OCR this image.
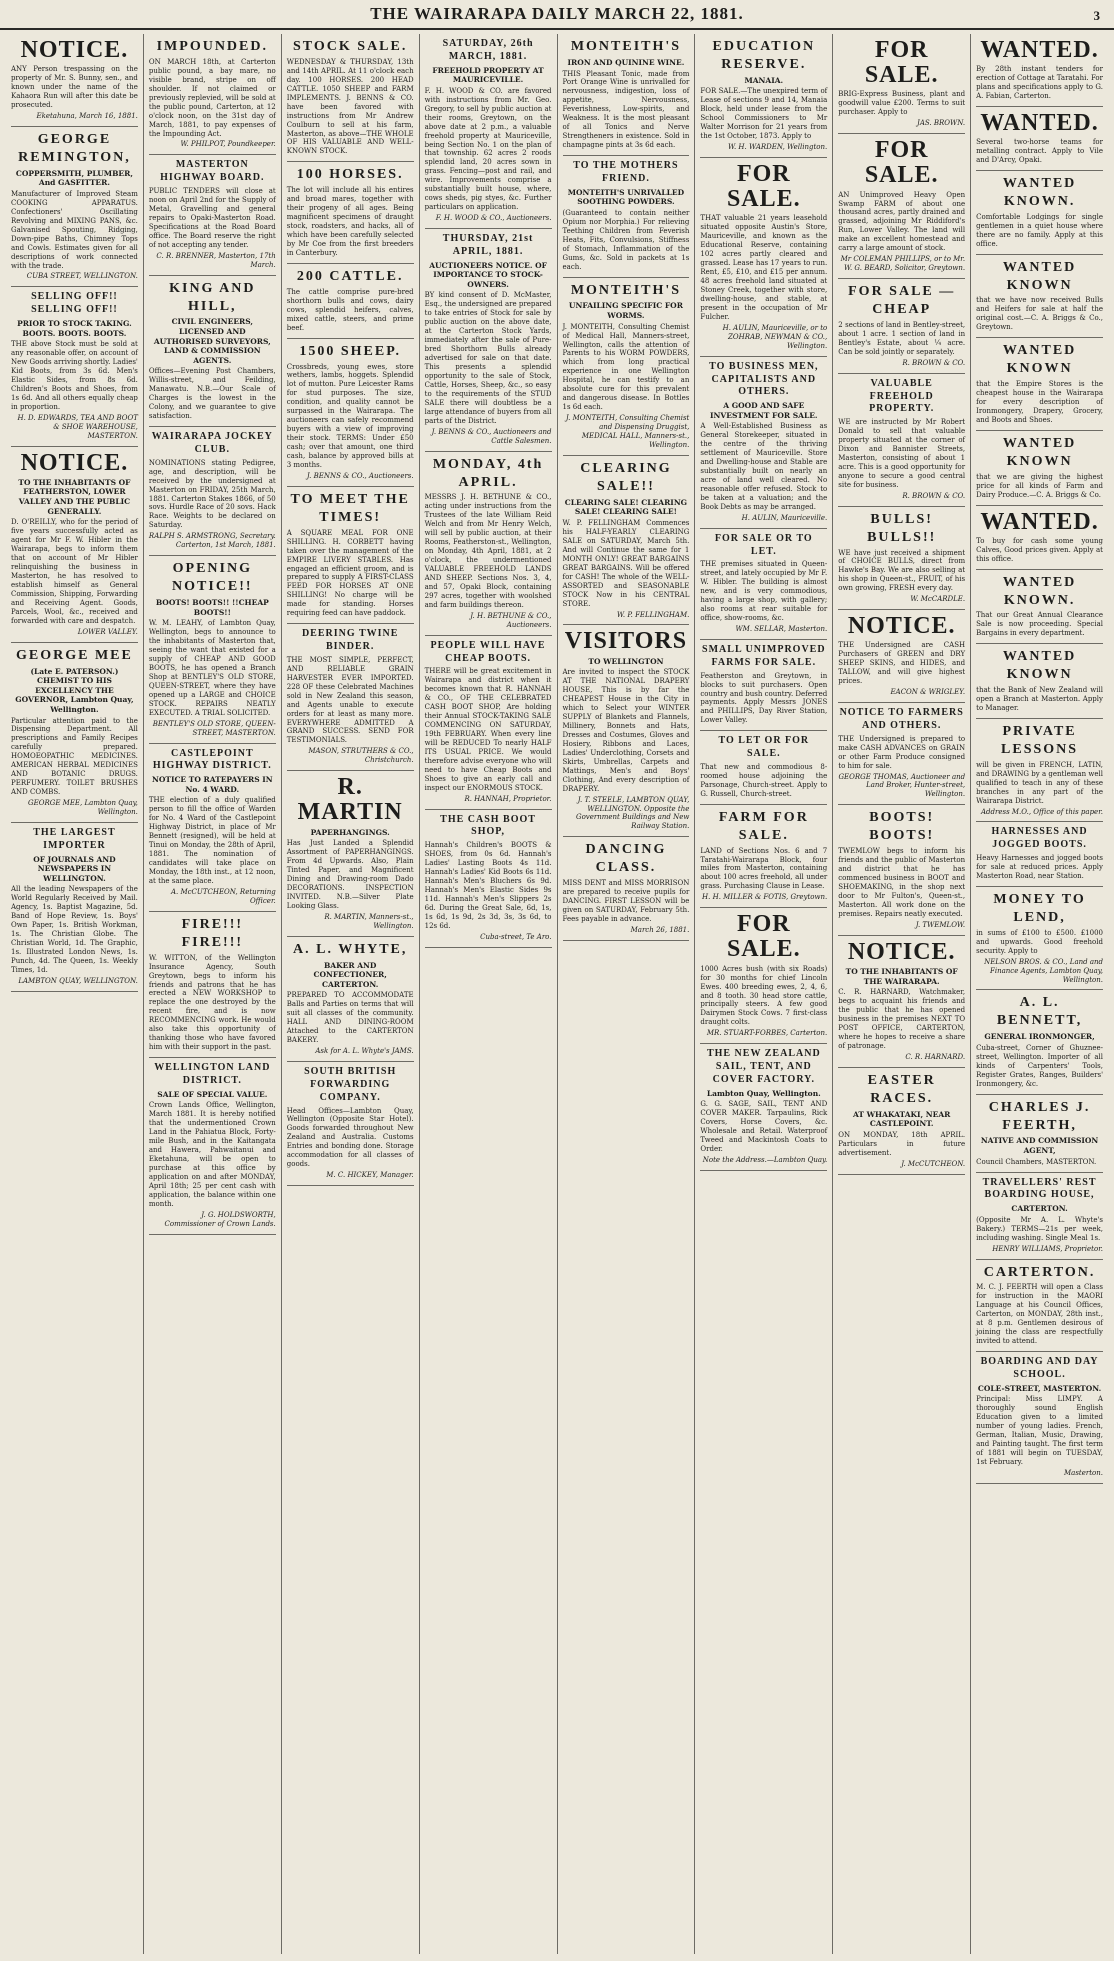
THE WAIRARAPA DAILY MARCH 22, 1881.	3
NOTICE.
ANY Person trespassing on the property of Mr. S. Bunny, sen., and known under the name of the Kahaora Run will after this date be prosecuted.
Eketahuna, March 16, 1881.
GEORGE REMINGTON,
COPPERSMITH, PLUMBER, And GASFITTER.
Manufacturer of Improved Steam COOKING APPARATUS. Confectioners' Oscillating Revolving and MIXING PANS, &c. Galvanised Spouting, Ridging, Down-pipe Baths, Chimney Tops and Cowls. Estimates given for all descriptions of work connected with the trade.
CUBA STREET, WELLINGTON.
SELLING OFF!! SELLING OFF!!
PRIOR TO STOCK TAKING. BOOTS. BOOTS. BOOTS.
THE above Stock must be sold at any reasonable offer, on account of New Goods arriving shortly. Ladies' Kid Boots, from 3s 6d. Men's Elastic Sides, from 8s 6d. Children's Boots and Shoes, from 1s 6d. And all others equally cheap in proportion.
H. D. EDWARDS, TEA AND BOOT & SHOE WAREHOUSE, MASTERTON.
NOTICE.
TO THE INHABITANTS OF FEATHERSTON, LOWER VALLEY AND THE PUBLIC GENERALLY.
D. O'REILLY, who for the period of five years successfully acted as agent for Mr F. W. Hibler in the Wairarapa, begs to inform them that on account of Mr Hibler relinquishing the business in Masterton, he has resolved to establish himself as General Commission, Shipping, Forwarding and Receiving Agent. Goods, Parcels, Wool, &c., received and forwarded with care and despatch.
LOWER VALLEY.
GEORGE MEE
(Late E. PATERSON.) CHEMIST TO HIS EXCELLENCY THE GOVERNOR, Lambton Quay, Wellington.
Particular attention paid to the Dispensing Department. All prescriptions and Family Recipes carefully prepared. HOMOEOPATHIC MEDICINES. AMERICAN HERBAL MEDICINES AND BOTANIC DRUGS. PERFUMERY. TOILET BRUSHES AND COMBS.
GEORGE MEE, Lambton Quay, Wellington.
THE LARGEST IMPORTER
OF JOURNALS AND NEWSPAPERS IN WELLINGTON.
All the leading Newspapers of the World Regularly Received by Mail. Agency, 1s. Baptist Magazine, 5d. Band of Hope Review, 1s. Boys' Own Paper, 1s. British Workman, 1s. The Christian Globe. The Christian World, 1d. The Graphic, 1s. Illustrated London News, 1s. Punch, 4d. The Queen, 1s. Weekly Times, 1d.
LAMBTON QUAY, WELLINGTON.
IMPOUNDED.
ON MARCH 18th, at Carterton public pound, a bay mare, no visible brand, stripe on off shoulder. If not claimed or previously replevied, will be sold at the public pound, Carterton, at 12 o'clock noon, on the 31st day of March, 1881, to pay expenses of the Impounding Act.
W. PHILPOT, Poundkeeper.
MASTERTON HIGHWAY BOARD.
PUBLIC TENDERS will close at noon on April 2nd for the Supply of Metal, Gravelling and general repairs to Opaki-Masterton Road. Specifications at the Road Board office. The Board reserve the right of not accepting any tender.
C. R. BRENNER, Masterton, 17th March.
KING AND HILL,
CIVIL ENGINEERS, LICENSED AND AUTHORISED SURVEYORS, LAND & COMMISSION AGENTS.
Offices—Evening Post Chambers, Willis-street, and Feilding, Manawatu. N.B.—Our Scale of Charges is the lowest in the Colony, and we guarantee to give satisfaction.
WAIRARAPA JOCKEY CLUB.
NOMINATIONS stating Pedigree, age, and description, will be received by the undersigned at Masterton on FRIDAY, 25th March, 1881. Carterton Stakes 1866, of 50 sovs. Hurdle Race of 20 sovs. Hack Race. Weights to be declared on Saturday.
RALPH S. ARMSTRONG, Secretary. Carterton, 1st March, 1881.
OPENING NOTICE!!
BOOTS! BOOTS!! !!CHEAP BOOTS!!
W. M. LEAHY, of Lambton Quay, Wellington, begs to announce to the inhabitants of Masterton that, seeing the want that existed for a supply of CHEAP AND GOOD BOOTS, he has opened a Branch Shop at BENTLEY'S OLD STORE, QUEEN-STREET, where they have opened up a LARGE and CHOICE STOCK. REPAIRS NEATLY EXECUTED. A TRIAL SOLICITED.
BENTLEY'S OLD STORE, QUEEN-STREET, MASTERTON.
CASTLEPOINT HIGHWAY DISTRICT.
NOTICE TO RATEPAYERS IN No. 4 WARD.
THE election of a duly qualified person to fill the office of Warden for No. 4 Ward of the Castlepoint Highway District, in place of Mr Bennett (resigned), will be held at Tinui on Monday, the 28th of April, 1881. The nomination of candidates will take place on Monday, the 18th inst., at 12 noon, at the same place.
A. McCUTCHEON, Returning Officer.
FIRE!!! FIRE!!!
W. WITTON, of the Wellington Insurance Agency, South Greytown, begs to inform his friends and patrons that he has erected a NEW WORKSHOP to replace the one destroyed by the recent fire, and is now RECOMMENCING work. He would also take this opportunity of thanking those who have favored him with their support in the past.
WELLINGTON LAND DISTRICT.
SALE OF SPECIAL VALUE.
Crown Lands Office, Wellington, March 1881. It is hereby notified that the undermentioned Crown Land in the Pahiatua Block, Forty-mile Bush, and in the Kaitangata and Hawera, Pahwaitanui and Eketahuna, will be open to purchase at this office by application on and after MONDAY, April 18th; 25 per cent cash with application, the balance within one month.
J. G. HOLDSWORTH, Commissioner of Crown Lands.
STOCK SALE.
WEDNESDAY & THURSDAY, 13th and 14th APRIL. At 11 o'clock each day. 100 HORSES. 200 HEAD CATTLE. 1050 SHEEP and FARM IMPLEMENTS. J. BENNS & CO. have been favored with instructions from Mr Andrew Coulburn to sell at his farm, Masterton, as above—THE WHOLE OF HIS VALUABLE AND WELL-KNOWN STOCK.
100 HORSES.
The lot will include all his entires and broad mares, together with their progeny of all ages. Being magnificent specimens of draught stock, roadsters, and hacks, all of which have been carefully selected by Mr Coe from the first breeders in Canterbury.
200 CATTLE.
The cattle comprise pure-bred shorthorn bulls and cows, dairy cows, splendid heifers, calves, mixed cattle, steers, and prime beef.
1500 SHEEP.
Crossbreds, young ewes, store wethers, lambs, hoggets. Splendid lot of mutton. Pure Leicester Rams for stud purposes. The size, condition, and quality cannot be surpassed in the Wairarapa. The auctioneers can safely recommend buyers with a view of improving their stock. TERMS: Under £50 cash; over that amount, one third cash, balance by approved bills at 3 months.
J. BENNS & CO., Auctioneers.
TO MEET THE TIMES!
A SQUARE MEAL FOR ONE SHILLING. H. CORBETT having taken over the management of the EMPIRE LIVERY STABLES. Has engaged an efficient groom, and is prepared to supply A FIRST-CLASS FEED FOR HORSES AT ONE SHILLING! No charge will be made for standing. Horses requiring feed can have paddock.
DEERING TWINE BINDER.
THE MOST SIMPLE, PERFECT, AND RELIABLE GRAIN HARVESTER EVER IMPORTED. 228 OF these Celebrated Machines sold in New Zealand this season, and Agents unable to execute orders for at least as many more. EVERYWHERE ADMITTED A GRAND SUCCESS. SEND FOR TESTIMONIALS.
MASON, STRUTHERS & CO., Christchurch.
R. MARTIN
PAPERHANGINGS.
Has Just Landed a Splendid Assortment of PAPERHANGINGS. From 4d Upwards. Also, Plain Tinted Paper, and Magnificent Dining and Drawing-room Dado DECORATIONS. INSPECTION INVITED. N.B.—Silver Plate Looking Glass.
R. MARTIN, Manners-st., Wellington.
A. L. WHYTE,
BAKER AND CONFECTIONER, CARTERTON.
PREPARED TO ACCOMMODATE Balls and Parties on terms that will suit all classes of the community. HALL AND DINING-ROOM Attached to the CARTERTON BAKERY.
Ask for A. L. Whyte's JAMS.
SOUTH BRITISH FORWARDING COMPANY.
Head Offices—Lambton Quay, Wellington (Opposite Star Hotel). Goods forwarded throughout New Zealand and Australia. Customs Entries and bonding done. Storage accommodation for all classes of goods.
M. C. HICKEY, Manager.
SATURDAY, 26th MARCH, 1881.
FREEHOLD PROPERTY AT MAURICEVILLE.
F. H. WOOD & CO. are favored with instructions from Mr. Geo. Gregory, to sell by public auction at their rooms, Greytown, on the above date at 2 p.m., a valuable freehold property at Mauriceville, being Section No. 1 on the plan of that township. 62 acres 2 roods splendid land, 20 acres sown in grass. Fencing—post and rail, and wire. Improvements comprise a substantially built house, where, cows sheds, pig styes, &c. Further particulars on application.
F. H. WOOD & CO., Auctioneers.
THURSDAY, 21st APRIL, 1881.
AUCTIONEERS NOTICE. OF IMPORTANCE TO STOCK-OWNERS.
BY kind consent of D. McMaster, Esq., the undersigned are prepared to take entries of Stock for sale by public auction on the above date, at the Carterton Stock Yards, immediately after the sale of Pure-bred Shorthorn Bulls already advertised for sale on that date. This presents a splendid opportunity to the sale of Stock, Cattle, Horses, Sheep, &c., so easy to the requirements of the STUD SALE there will doubtless be a large attendance of buyers from all parts of the District.
J. BENNS & CO., Auctioneers and Cattle Salesmen.
MONDAY, 4th APRIL.
MESSRS J. H. BETHUNE & CO., acting under instructions from the Trustees of the late William Reid Welch and from Mr Henry Welch, will sell by public auction, at their Rooms, Featherston-st., Wellington, on Monday, 4th April, 1881, at 2 o'clock, the undermentioned VALUABLE FREEHOLD LANDS AND SHEEP. Sections Nos. 3, 4, and 57, Opaki Block, containing 297 acres, together with woolshed and farm buildings thereon.
J. H. BETHUNE & CO., Auctioneers.
PEOPLE WILL HAVE CHEAP BOOTS.
THERE will be great excitement in Wairarapa and district when it becomes known that R. HANNAH & CO., OF THE CELEBRATED CASH BOOT SHOP, Are holding their Annual STOCK-TAKING SALE COMMENCING ON SATURDAY, 19th FEBRUARY. When every line will be REDUCED To nearly HALF ITS USUAL PRICE. We would therefore advise everyone who will need to have Cheap Boots and Shoes to give an early call and inspect our ENORMOUS STOCK.
R. HANNAH, Proprietor.
THE CASH BOOT SHOP,
Hannah's Children's BOOTS & SHOES, from 0s 6d. Hannah's Ladies' Lasting Boots 4s 11d. Hannah's Ladies' Kid Boots 6s 11d. Hannah's Men's Bluchers 6s 9d. Hannah's Men's Elastic Sides 9s 11d. Hannah's Men's Slippers 2s 6d. During the Great Sale, 6d, 1s, 1s 6d, 1s 9d, 2s 3d, 3s, 3s 6d, to 12s 6d.
Cuba-street, Te Aro.
MONTEITH'S
IRON AND QUININE WINE.
THIS Pleasant Tonic, made from Port Orange Wine is unrivalled for nervousness, indigestion, loss of appetite, Nervousness, Feverishness, Low-spirits, and Weakness. It is the most pleasant of all Tonics and Nerve Strengtheners in existence. Sold in champagne pints at 3s 6d each.
TO THE MOTHERS FRIEND.
MONTEITH'S UNRIVALLED SOOTHING POWDERS.
(Guaranteed to contain neither Opium nor Morphia.) For relieving Teething Children from Feverish Heats, Fits, Convulsions, Stiffness of Stomach, Inflammation of the Gums, &c. Sold in packets at 1s each.
MONTEITH'S
UNFAILING SPECIFIC FOR WORMS.
J. MONTEITH, Consulting Chemist of Medical Hall, Manners-street, Wellington, calls the attention of Parents to his WORM POWDERS, which from long practical experience in one Wellington Hospital, he can testify to an absolute cure for this prevalent and dangerous disease. In Bottles 1s 6d each.
J. MONTEITH, Consulting Chemist and Dispensing Druggist, MEDICAL HALL, Manners-st., Wellington.
CLEARING SALE!!
CLEARING SALE! CLEARING SALE! CLEARING SALE!
W. P. FELLINGHAM Commences his HALF-YEARLY CLEARING SALE on SATURDAY, March 5th. And will Continue the same for 1 MONTH ONLY! GREAT BARGAINS GREAT BARGAINS. Will be offered for CASH! The whole of the WELL-ASSORTED and SEASONABLE STOCK Now in his CENTRAL STORE.
W. P. FELLINGHAM.
VISITORS
TO WELLINGTON
Are invited to inspect the STOCK AT THE NATIONAL DRAPERY HOUSE, This is by far the CHEAPEST House in the City in which to Select your WINTER SUPPLY of Blankets and Flannels, Millinery, Bonnets and Hats, Dresses and Costumes, Gloves and Hosiery, Ribbons and Laces, Ladies' Underclothing, Corsets and Skirts, Umbrellas, Carpets and Mattings, Men's and Boys' Clothing, And every description of DRAPERY.
J. T. STEELE, LAMBTON QUAY, WELLINGTON. Opposite the Government Buildings and New Railway Station.
DANCING CLASS.
MISS DENT and MISS MORRISON are prepared to receive pupils for DANCING. FIRST LESSON will be given on SATURDAY, February 5th. Fees payable in advance.
March 26, 1881.
EDUCATION RESERVE.
MANAIA.
FOR SALE.—The unexpired term of Lease of sections 9 and 14, Manaia Block, held under lease from the School Commissioners to Mr Walter Morrison for 21 years from the 1st October, 1873. Apply to
W. H. WARDEN, Wellington.
FOR SALE.
THAT valuable 21 years leasehold situated opposite Austin's Store, Mauriceville, and known as the Educational Reserve, containing 102 acres partly cleared and grassed. Lease has 17 years to run. Rent, £5, £10, and £15 per annum. 48 acres freehold land situated at Stoney Creek, together with store, dwelling-house, and stable, at present in the occupation of Mr Fulcher.
H. AULIN, Mauriceville, or to ZOHRAB, NEWMAN & CO., Wellington.
TO BUSINESS MEN, CAPITALISTS AND OTHERS.
A GOOD AND SAFE INVESTMENT FOR SALE.
A Well-Established Business as General Storekeeper, situated in the centre of the thriving settlement of Mauriceville. Store and Dwelling-house and Stable are substantially built on nearly an acre of land well cleared. No reasonable offer refused. Stock to be taken at a valuation; and the Book Debts as may be arranged.
H. AULIN, Mauriceville.
FOR SALE OR TO LET.
THE premises situated in Queen-street, and lately occupied by Mr F. W. Hibler. The building is almost new, and is very commodious, having a large shop, with gallery; also rooms at rear suitable for office, show-rooms, &c.
WM. SELLAR, Masterton.
SMALL UNIMPROVED FARMS FOR SALE.
Featherston and Greytown, in blocks to suit purchasers. Open country and bush country. Deferred payments. Apply Messrs JONES and PHILLIPS, Day River Station, Lower Valley.
TO LET OR FOR SALE.
That new and commodious 8-roomed house adjoining the Parsonage, Church-street. Apply to G. Russell, Church-street.
FARM FOR SALE.
LAND of Sections Nos. 6 and 7 Taratahi-Wairarapa Block, four miles from Masterton, containing about 100 acres freehold, all under grass. Purchasing Clause in Lease.
H. H. MILLER & FOTIS, Greytown.
FOR SALE.
1000 Acres bush (with six Roads) for 30 months for chief Lincoln Ewes. 400 breeding ewes, 2, 4, 6, and 8 tooth. 30 head store cattle, principally steers. A few good Dairymen Stock Cows. 7 first-class draught colts.
MR. STUART-FORBES, Carterton.
THE NEW ZEALAND SAIL, TENT, AND COVER FACTORY.
Lambton Quay, Wellington.
G. G. SAGE, SAIL, TENT AND COVER MAKER. Tarpaulins, Rick Covers, Horse Covers, &c. Wholesale and Retail. Waterproof Tweed and Mackintosh Coats to Order.
Note the Address.—Lambton Quay.
FOR SALE.
BRIG-Express Business, plant and goodwill value £200. Terms to suit purchaser. Apply to
JAS. BROWN.
FOR SALE.
AN Unimproved Heavy Open Swamp FARM of about one thousand acres, partly drained and grassed, adjoining Mr Riddiford's Run, Lower Valley. The land will make an excellent homestead and carry a large amount of stock.
Mr COLEMAN PHILLIPS, or to Mr. W. G. BEARD, Solicitor, Greytown.
FOR SALE — CHEAP
2 sections of land in Bentley-street, about 1 acre. 1 section of land in Bentley's Estate, about ¼ acre. Can be sold jointly or separately.
R. BROWN & CO.
VALUABLE FREEHOLD PROPERTY.
WE are instructed by Mr Robert Donald to sell that valuable property situated at the corner of Dixon and Bannister Streets, Masterton, consisting of about 1 acre. This is a good opportunity for anyone to secure a good central site for business.
R. BROWN & CO.
BULLS! BULLS!!
WE have just received a shipment of CHOICE BULLS, direct from Hawke's Bay. We are also selling at his shop in Queen-st., FRUIT, of his own growing, FRESH every day.
W. McCARDLE.
NOTICE.
THE Undersigned are CASH Purchasers of GREEN and DRY SHEEP SKINS, and HIDES, and TALLOW, and will give highest prices.
EACON & WRIGLEY.
NOTICE TO FARMERS AND OTHERS.
THE Undersigned is prepared to make CASH ADVANCES on GRAIN or other Farm Produce consigned to him for sale.
GEORGE THOMAS, Auctioneer and Land Broker, Hunter-street, Wellington.
BOOTS! BOOTS!
TWEMLOW begs to inform his friends and the public of Masterton and district that he has commenced business in BOOT and SHOEMAKING, in the shop next door to Mr Fulton's, Queen-st., Masterton. All work done on the premises. Repairs neatly executed.
J. TWEMLOW.
NOTICE.
TO THE INHABITANTS OF THE WAIRARAPA.
C. R. HARNARD, Watchmaker, begs to acquaint his friends and the public that he has opened business in the premises NEXT TO POST OFFICE, CARTERTON, where he hopes to receive a share of patronage.
C. R. HARNARD.
EASTER RACES.
AT WHAKATAKI, NEAR CASTLEPOINT.
ON MONDAY, 18th APRIL. Particulars in future advertisement.
J. McCUTCHEON.
WANTED.
By 28th instant tenders for erection of Cottage at Taratahi. For plans and specifications apply to G. A. Fabian, Carterton.
WANTED.
Several two-horse teams for metalling contract. Apply to Vile and D'Arcy, Opaki.
WANTED KNOWN.
Comfortable Lodgings for single gentlemen in a quiet house where there are no family. Apply at this office.
WANTED KNOWN
that we have now received Bulls and Heifers for sale at half the original cost.—C. A. Briggs & Co., Greytown.
WANTED KNOWN
that the Empire Stores is the cheapest house in the Wairarapa for every description of Ironmongery, Drapery, Grocery, and Boots and Shoes.
WANTED KNOWN
that we are giving the highest price for all kinds of Farm and Dairy Produce.—C. A. Briggs & Co.
WANTED.
To buy for cash some young Calves, Good prices given. Apply at this office.
WANTED KNOWN.
That our Great Annual Clearance Sale is now proceeding. Special Bargains in every department.
WANTED KNOWN
that the Bank of New Zealand will open a Branch at Masterton. Apply to Manager.
PRIVATE LESSONS
will be given in FRENCH, LATIN, and DRAWING by a gentleman well qualified to teach in any of these branches in any part of the Wairarapa District.
Address M.O., Office of this paper.
HARNESSES AND JOGGED BOOTS.
Heavy Harnesses and jogged boots for sale at reduced prices. Apply Masterton Road, near Station.
MONEY TO LEND,
in sums of £100 to £500. £1000 and upwards. Good freehold security. Apply to
NELSON BROS. & CO., Land and Finance Agents, Lambton Quay, Wellington.
A. L. BENNETT,
GENERAL IRONMONGER,
Cuba-street, Corner of Ghuznee-street, Wellington. Importer of all kinds of Carpenters' Tools, Register Grates, Ranges, Builders' Ironmongery, &c.
CHARLES J. FEERTH,
NATIVE AND COMMISSION AGENT,
Council Chambers, MASTERTON.
TRAVELLERS' REST BOARDING HOUSE,
CARTERTON.
(Opposite Mr A. L. Whyte's Bakery.) TERMS—21s per week, including washing. Single Meal 1s.
HENRY WILLIAMS, Proprietor.
CARTERTON.
M. C. J. FEERTH will open a Class for instruction in the MAORI Language at his Council Offices, Carterton, on MONDAY, 28th inst., at 8 p.m. Gentlemen desirous of joining the class are respectfully invited to attend.
BOARDING AND DAY SCHOOL.
COLE-STREET, MASTERTON.
Principal: Miss LIMPY. A thoroughly sound English Education given to a limited number of young ladies. French, German, Italian, Music, Drawing, and Painting taught. The first term of 1881 will begin on TUESDAY, 1st February.
Masterton.
